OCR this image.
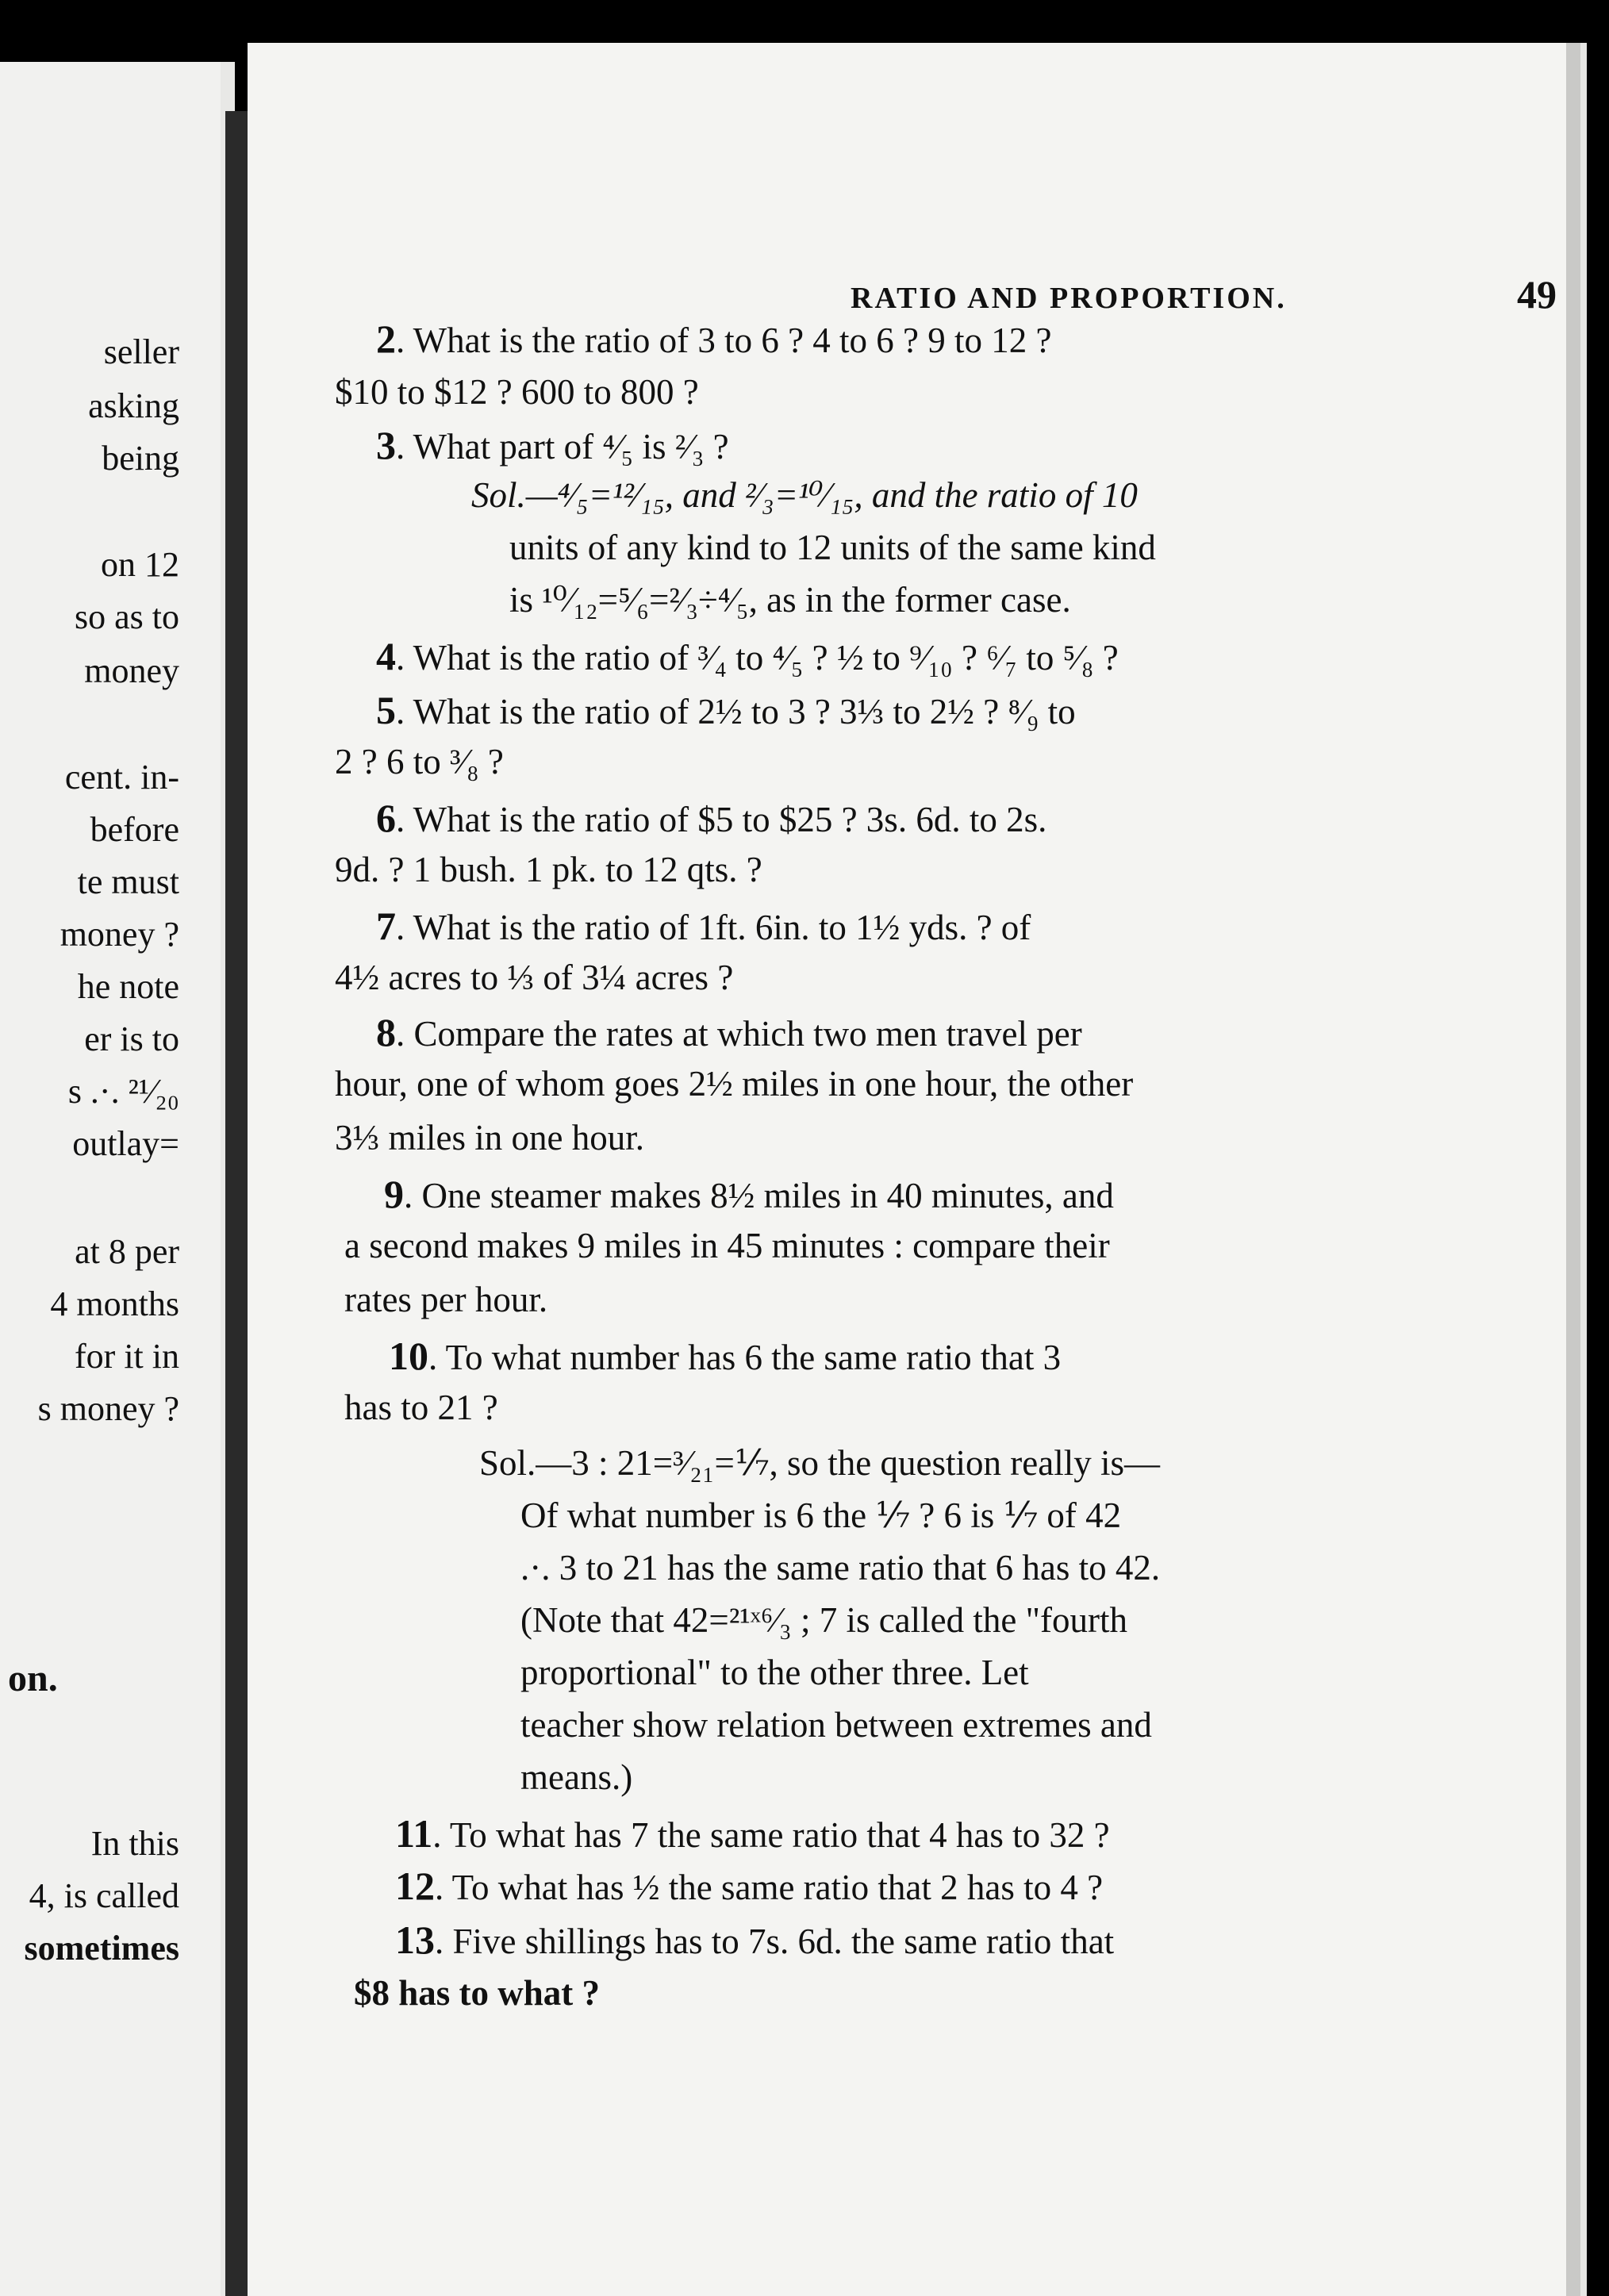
seller
asking
being
on 12
so as to
money
cent. in-
before
te must
money ?
he note
er is to
s .·. ²¹⁄₂₀
outlay=
at 8 per
4 months
for it in
s money ?
on.
In this
4, is called
sometimes
RATIO AND PROPORTION.	49
2. What is the ratio of 3 to 6 ? 4 to 6 ? 9 to 12 ?
$10 to $12 ? 600 to 800 ?
3. What part of ⁴⁄₅ is ²⁄₃ ?
Sol.—⁴⁄₅=¹²⁄₁₅, and ²⁄₃=¹⁰⁄₁₅, and the ratio of 10
units of any kind to 12 units of the same kind
is ¹⁰⁄₁₂=⁵⁄₆=²⁄₃÷⁴⁄₅, as in the former case.
4. What is the ratio of ³⁄₄ to ⁴⁄₅ ? ½ to ⁹⁄₁₀ ? ⁶⁄₇ to ⁵⁄₈ ?
5. What is the ratio of 2½ to 3 ? 3⅓ to 2½ ? ⁸⁄₉ to
2 ? 6 to ³⁄₈ ?
6. What is the ratio of $5 to $25 ? 3s. 6d. to 2s.
9d. ? 1 bush. 1 pk. to 12 qts. ?
7. What is the ratio of 1ft. 6in. to 1½ yds. ? of
4½ acres to ⅓ of 3¼ acres ?
8. Compare the rates at which two men travel per
hour, one of whom goes 2½ miles in one hour, the other
3⅓ miles in one hour.
9. One steamer makes 8½ miles in 40 minutes, and
a second makes 9 miles in 45 minutes : compare their
rates per hour.
10. To what number has 6 the same ratio that 3
has to 21 ?
Sol.—3 : 21=³⁄₂₁=⅐, so the question really is—
Of what number is 6 the ⅐ ? 6 is ⅐ of 42
.·. 3 to 21 has the same ratio that 6 has to 42.
(Note that 42=²¹ˣ⁶⁄₃ ; 7 is called the "fourth
proportional" to the other three. Let
teacher show relation between extremes and
means.)
11. To what has 7 the same ratio that 4 has to 32 ?
12. To what has ½ the same ratio that 2 has to 4 ?
13. Five shillings has to 7s. 6d. the same ratio that
$8 has to what ?
